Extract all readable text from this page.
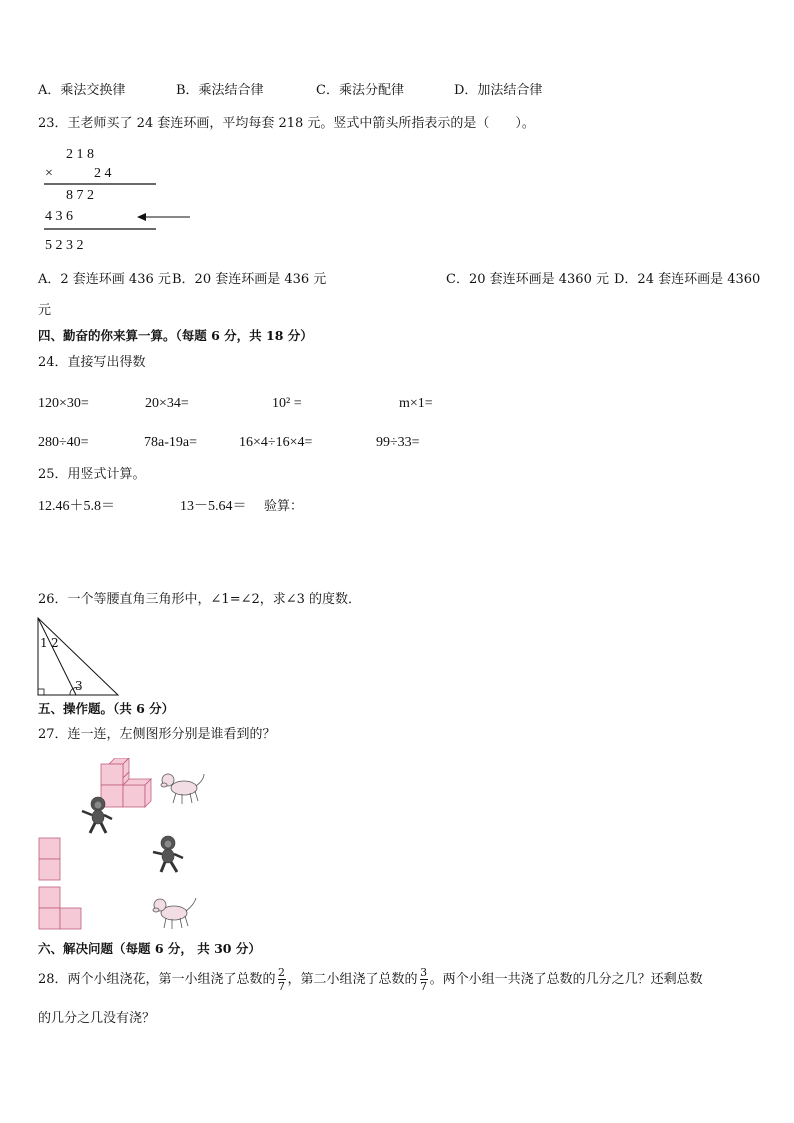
A．乘法交换律	B．乘法结合律	C．乘法分配律	D．加法结合律
23．王老师买了 24 套连环画，平均每套 218 元。竖式中箭头所指表示的是（　　）。
2 1 8
×	2 4
8 7 2
4 3 6
5 2 3 2
A．2 套连环画 436 元 B．20 套连环画是 436 元	C．20 套连环画是 4360 元 D．24 套连环画是 4360
元
四、勤奋的你来算一算。（每题 6 分，共 18 分）
24．直接写出得数
120×30=	20×34=	10² =	m×1=
280÷40=	78a-19a=	16×4÷16×4=	99÷33=
25．用竖式计算。
12.46＋5.8＝	13－5.64＝ 验算：
26．一个等腰直角三角形中，∠1=∠2，求∠3 的度数．
1 2
3
五、操作题。（共 6 分）
27．连一连，左侧图形分别是谁看到的？
六、解决问题（每题 6 分， 共 30 分）
28．两个小组浇花，第一小组浇了总数的 $\frac{2}{7}$ ，第二小组浇了总数的 $\frac{3}{7}$ 。两个小组一共浇了总数的几分之几？还剩总数
的几分之几没有浇？
